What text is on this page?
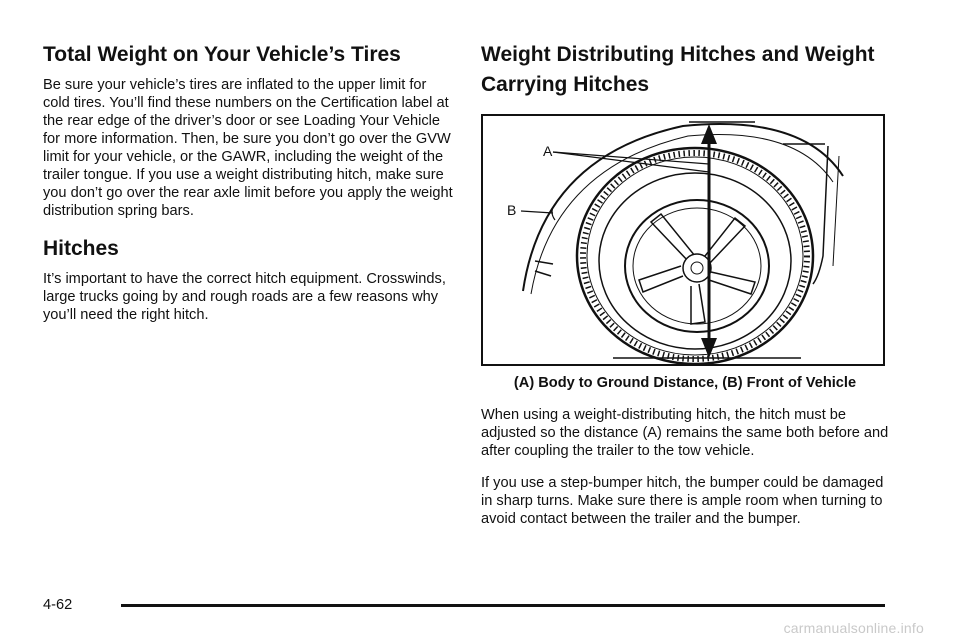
Total Weight on Your Vehicle’s Tires

Be sure your vehicle’s tires are inflated to the upper limit for cold tires. You’ll find these numbers on the Certification label at the rear edge of the driver’s door or see Loading Your Vehicle for more information. Then, be sure you don’t go over the GVW limit for your vehicle, or the GAWR, including the weight of the trailer tongue. If you use a weight distributing hitch, make sure you don’t go over the rear axle limit before you apply the weight distribution spring bars.

Hitches

It’s important to have the correct hitch equipment. Crosswinds, large trucks going by and rough roads are a few reasons why you’ll need the right hitch.

Weight Distributing Hitches and Weight Carrying Hitches
A
B
(A) Body to Ground Distance, (B) Front of Vehicle

When using a weight-distributing hitch, the hitch must be adjusted so the distance (A) remains the same both before and after coupling the trailer to the tow vehicle.

If you use a step-bumper hitch, the bumper could be damaged in sharp turns. Make sure there is ample room when turning to avoid contact between the trailer and the bumper.

4-62
carmanualsonline.info
